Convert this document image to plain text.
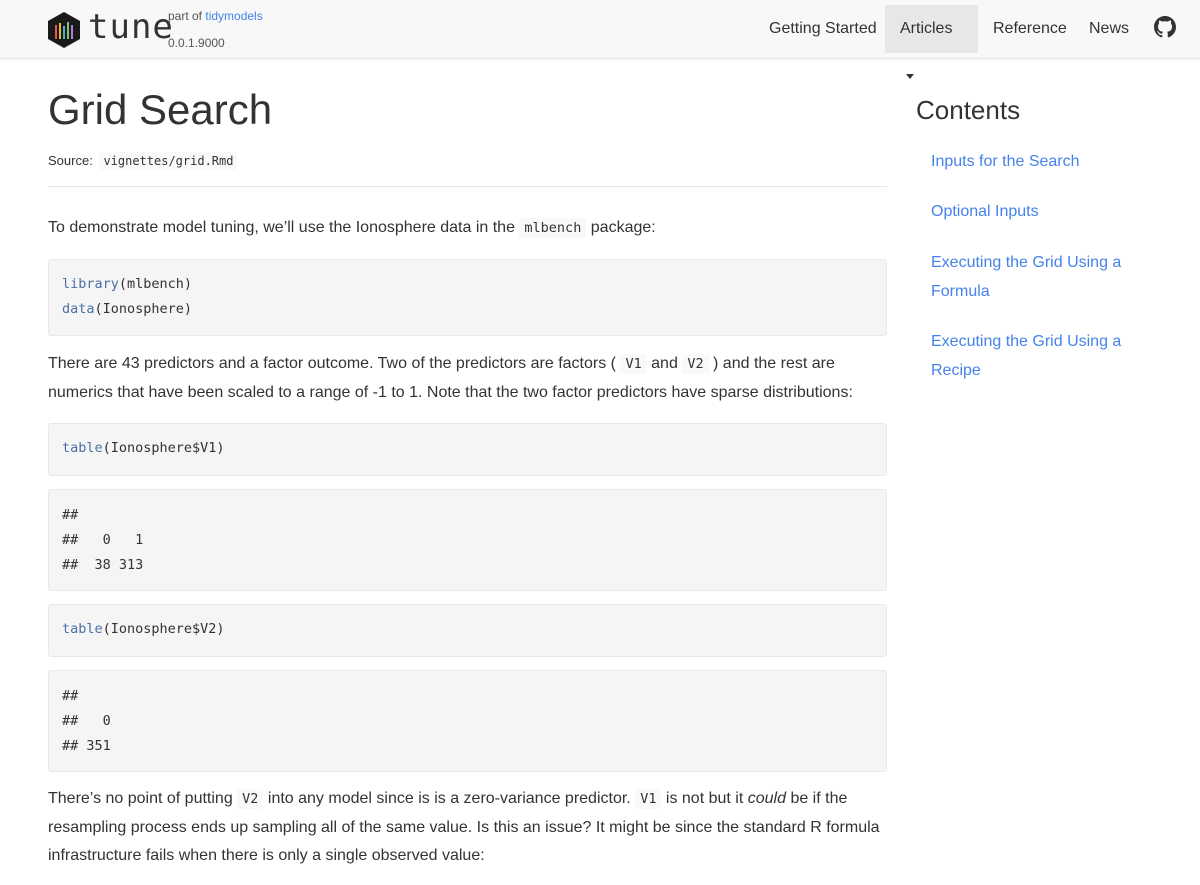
tune
part of tidymodels
0.0.1.9000
Getting Started	Articles	Reference	News
Grid Search
Source: vignettes/grid.Rmd

To demonstrate model tuning, we’ll use the Ionosphere data in the mlbench package:

library(mlbench)
data(Ionosphere)

There are 43 predictors and a factor outcome. Two of the predictors are factors ( V1 and V2 ) and the rest are numerics that have been scaled to a range of -1 to 1. Note that the two factor predictors have sparse distributions:

table(Ionosphere$V1)
##
##   0   1
##  38 313
table(Ionosphere$V2)
##
##   0
## 351

There’s no point of putting V2 into any model since is is a zero-variance predictor. V1 is not but it could be if the resampling process ends up sampling all of the same value. Is this an issue? It might be since the standard R formula infrastructure fails when there is only a single observed value:

Contents
Inputs for the Search
Optional Inputs
Executing the Grid Using a Formula
Executing the Grid Using a Recipe
